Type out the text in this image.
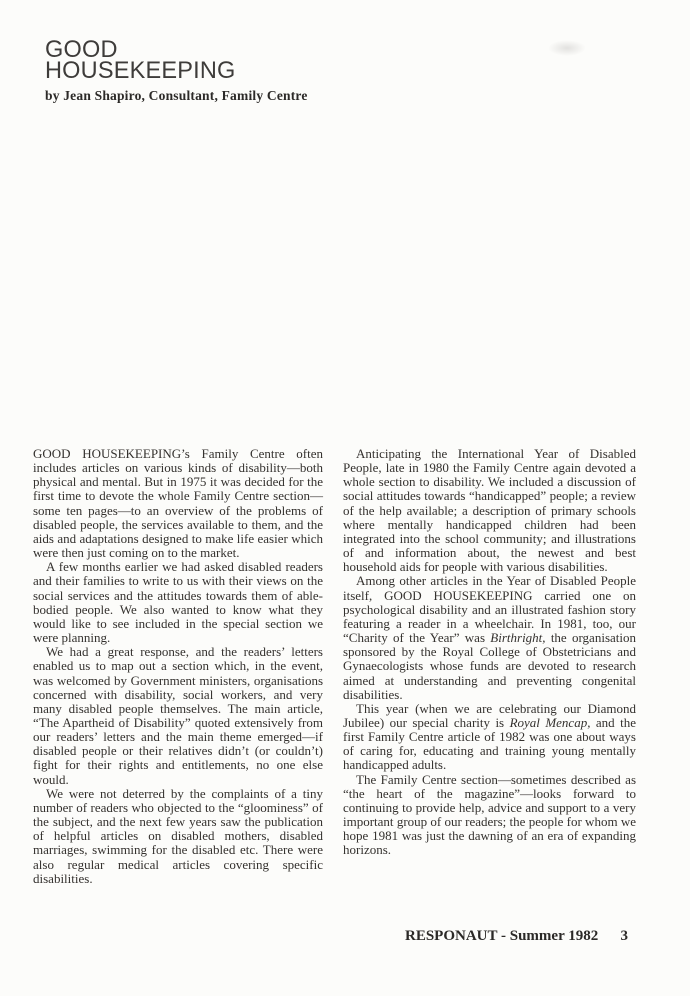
GOOD
HOUSEKEEPING
by Jean Shapiro, Consultant, Family Centre

GOOD HOUSEKEEPING’s Family Centre often includes articles on various kinds of disability—both physical and mental. But in 1975 it was decided for the first time to devote the whole Family Centre section—some ten pages—to an overview of the problems of disabled people, the services available to them, and the aids and adaptations designed to make life easier which were then just coming on to the market.

A few months earlier we had asked disabled readers and their families to write to us with their views on the social services and the attitudes towards them of able-bodied people. We also wanted to know what they would like to see included in the special section we were planning.

We had a great response, and the readers’ letters enabled us to map out a section which, in the event, was welcomed by Government ministers, organisations concerned with disability, social workers, and very many disabled people themselves. The main article, “The Apartheid of Disability” quoted extensively from our readers’ letters and the main theme emerged—if disabled people or their relatives didn’t (or couldn’t) fight for their rights and entitlements, no one else would.

We were not deterred by the complaints of a tiny number of readers who objected to the “gloominess” of the subject, and the next few years saw the publication of helpful articles on disabled mothers, disabled marriages, swimming for the disabled etc. There were also regular medical articles covering specific disabilities.

Anticipating the International Year of Disabled People, late in 1980 the Family Centre again devoted a whole section to disability. We included a discussion of social attitudes towards “handicapped” people; a review of the help available; a description of primary schools where mentally handicapped children had been integrated into the school community; and illustrations of and information about, the newest and best household aids for people with various disabilities.

Among other articles in the Year of Disabled People itself, GOOD HOUSEKEEPING carried one on psychological disability and an illustrated fashion story featuring a reader in a wheelchair. In 1981, too, our “Charity of the Year” was Birthright, the organisation sponsored by the Royal College of Obstetricians and Gynaecologists whose funds are devoted to research aimed at understanding and preventing congenital disabilities.

This year (when we are celebrating our Diamond Jubilee) our special charity is Royal Mencap, and the first Family Centre article of 1982 was one about ways of caring for, educating and training young mentally handicapped adults.

The Family Centre section—sometimes described as “the heart of the magazine”—looks forward to continuing to provide help, advice and support to a very important group of our readers; the people for whom we hope 1981 was just the dawning of an era of expanding horizons.

RESPONAUT - Summer 1982 3
